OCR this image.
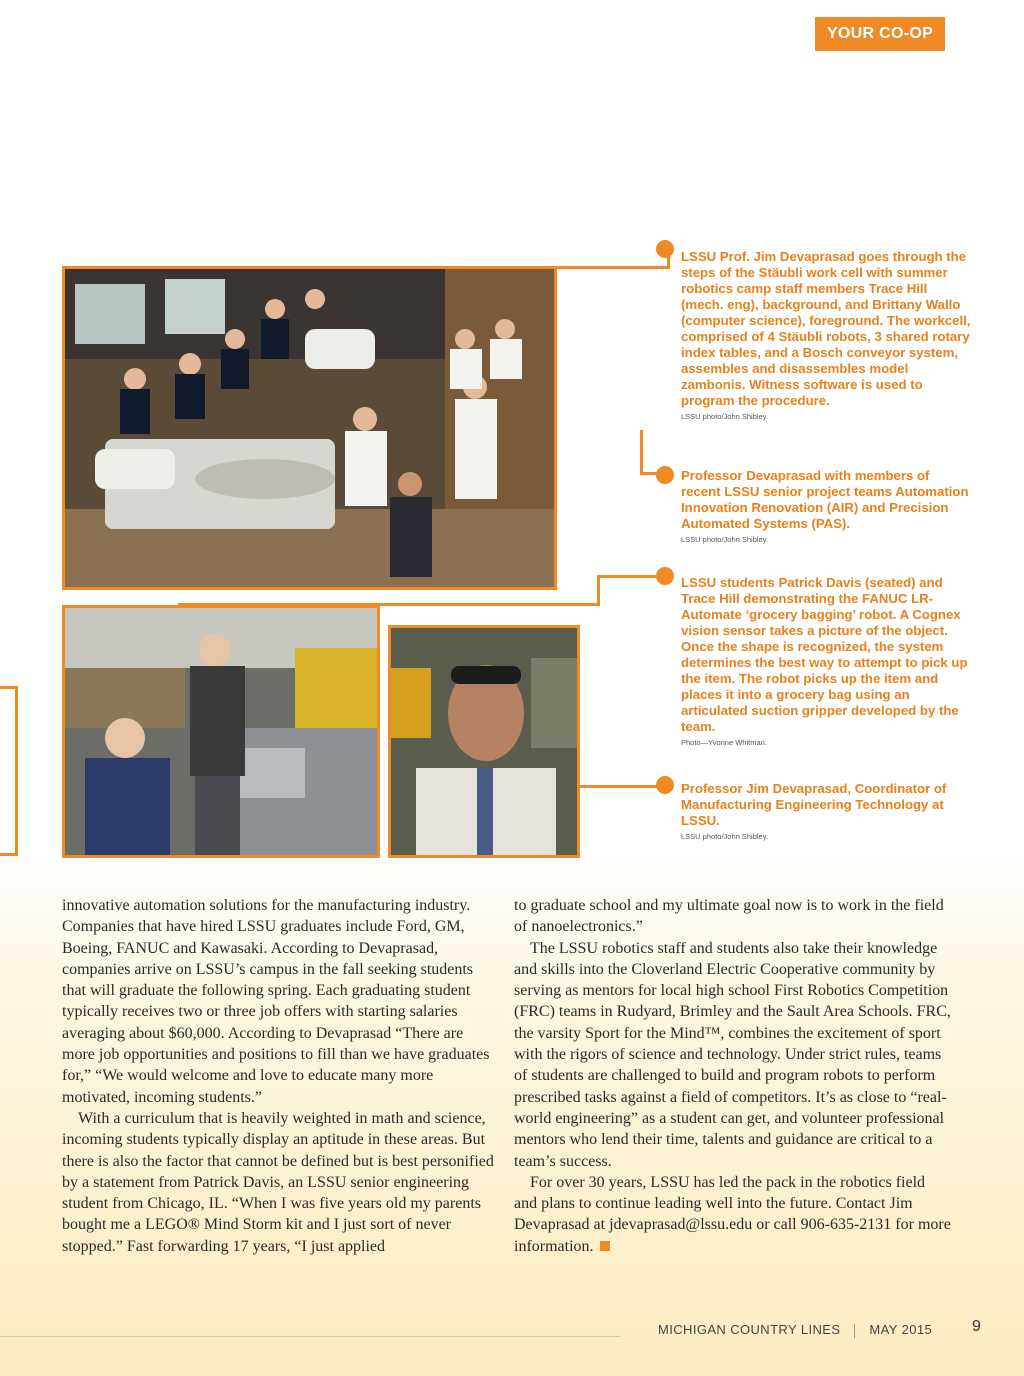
YOUR CO-OP
LSSU Prof. Jim Devaprasad goes through the steps of the Stäubli work cell with summer robotics camp staff members Trace Hill (mech. eng), background, and Brittany Wallo (computer science), foreground. The workcell, comprised of 4 Stäubli robots, 3 shared rotary index tables, and a Bosch conveyor system, assembles and disassembles model zambonis. Witness software is used to program the procedure.
LSSU photo/John Shibley.
Professor Devaprasad with members of recent LSSU senior project teams Automation Innovation Renovation (AIR) and Precision Automated Systems (PAS).
LSSU photo/John Shibley.
LSSU students Patrick Davis (seated) and Trace Hill demonstrating the FANUC LR-Automate ‘grocery bagging’ robot. A Cognex vision sensor takes a picture of the object. Once the shape is recognized, the system determines the best way to attempt to pick up the item. The robot picks up the item and places it into a grocery bag using an articulated suction gripper developed by the team.
Photo—Yvonne Whitman.
Professor Jim Devaprasad, Coordinator of Manufacturing Engineering Technology at LSSU.
LSSU photo/John Shibley.

innovative automation solutions for the manufacturing industry. Companies that have hired LSSU graduates include Ford, GM, Boeing, FANUC and Kawasaki. According to Devaprasad, companies arrive on LSSU’s campus in the fall seeking students that will graduate the following spring. Each graduating student typically receives two or three job offers with starting salaries averaging about $60,000. According to Devaprasad “There are more job opportunities and positions to fill than we have graduates for,” “We would welcome and love to educate many more motivated, incoming students.”

With a curriculum that is heavily weighted in math and science, incoming students typically display an aptitude in these areas. But there is also the factor that cannot be defined but is best personified by a statement from Patrick Davis, an LSSU senior engineering student from Chicago, IL. “When I was five years old my parents bought me a LEGO® Mind Storm kit and I just sort of never stopped.” Fast forwarding 17 years, “I just applied

to graduate school and my ultimate goal now is to work in the field of nanoelectronics.”

The LSSU robotics staff and students also take their knowledge and skills into the Cloverland Electric Cooperative community by serving as mentors for local high school First Robotics Competition (FRC) teams in Rudyard, Brimley and the Sault Area Schools. FRC, the varsity Sport for the Mind™, combines the excitement of sport with the rigors of science and technology. Under strict rules, teams of students are challenged to build and program robots to perform prescribed tasks against a field of competitors. It’s as close to “real-world engineering” as a student can get, and volunteer professional mentors who lend their time, talents and guidance are critical to a team’s success.

For over 30 years, LSSU has led the pack in the robotics field and plans to continue leading well into the future. Contact Jim Devaprasad at jdevaprasad@lssu.edu or call 906-635-2131 for more information.

MICHIGAN COUNTRY LINES MAY 2015 9
